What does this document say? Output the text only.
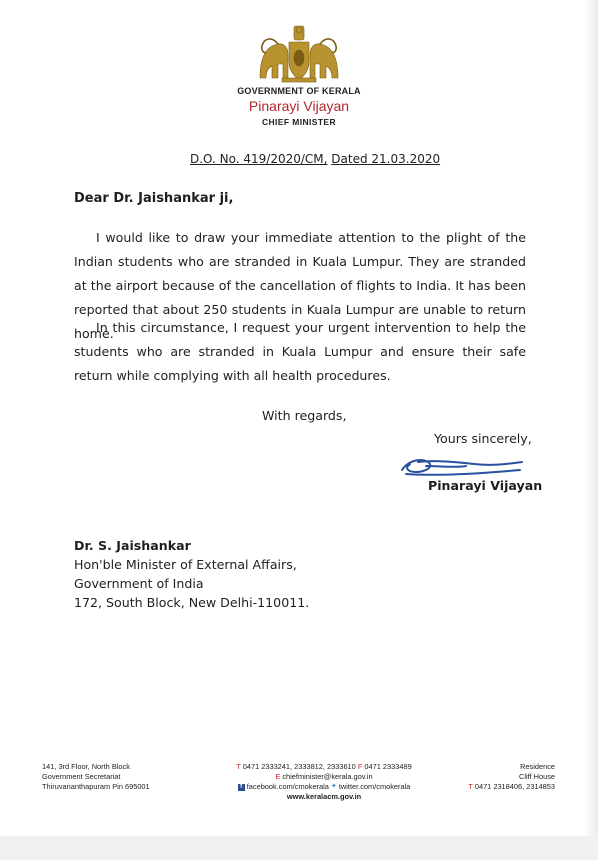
GOVERNMENT OF KERALA
Pinarayi Vijayan
CHIEF MINISTER
D.O. No. 419/2020/CM, Dated 21.03.2020
Dear Dr. Jaishankar ji,
I would like to draw your immediate attention to the plight of the Indian students who are stranded in Kuala Lumpur. They are stranded at the airport because of the cancellation of flights to India. It has been reported that about 250 students in Kuala Lumpur are unable to return home.
In this circumstance, I request your urgent intervention to help the students who are stranded in Kuala Lumpur and ensure their safe return while complying with all health procedures.
With regards,
Yours sincerely,
Pinarayi Vijayan
Dr. S. Jaishankar
Hon'ble Minister of External Affairs,
Government of India
172, South Block, New Delhi-110011.
141, 3rd Floor, North Block
Government Secretariat
Thiruvananthapuram Pin 695001
T 0471 2333241, 2333812, 2333610 F 0471 2333489
E chiefminister@kerala.gov.in
f facebook.com/cmokerala ✦ twitter.com/cmokerala
www.keralacm.gov.in
Residence
Cliff House
T 0471 2318406, 2314853
